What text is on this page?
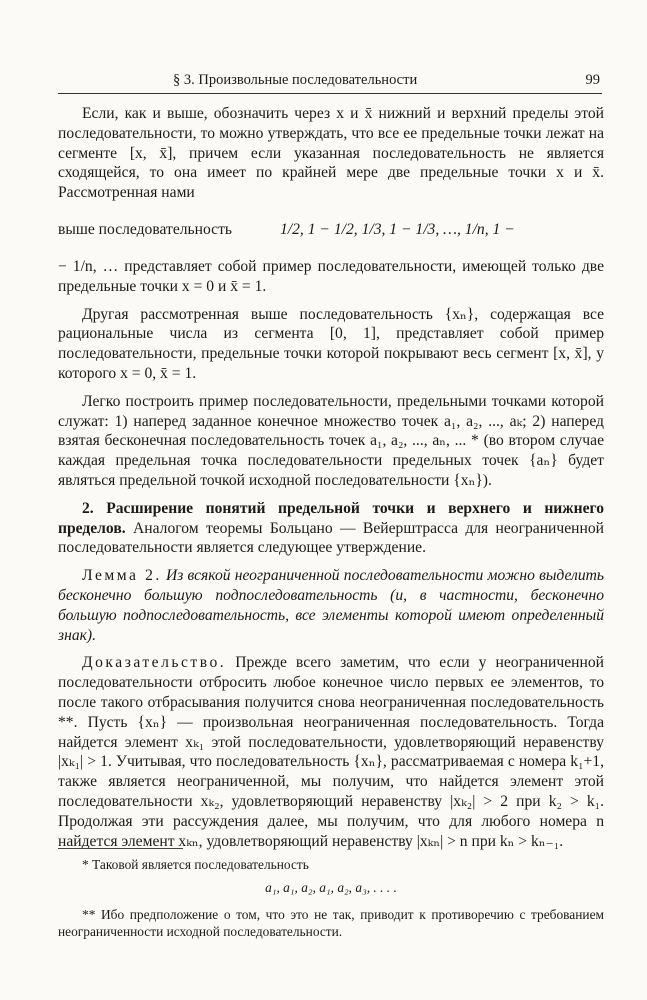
§ 3. Произвольные последовательности	99

Если, как и выше, обозначить через x и x̄ нижний и верхний пределы этой последовательности, то можно утверждать, что все ее предельные точки лежат на сегменте [x, x̄], причем если указанная последовательность не является сходящейся, то она имеет по крайней мере две предельные точки x и x̄. Рассмотренная нами

выше последовательность	1/2, 1 − 1/2, 1/3, 1 − 1/3, …, 1/n, 1 −

− 1/n, … представляет собой пример последовательности, имеющей только две предельные точки x = 0 и x̄ = 1.

Другая рассмотренная выше последовательность {xₙ}, содержащая все рациональные числа из сегмента [0, 1], представляет собой пример последовательности, предельные точки которой покрывают весь сегмент [x, x̄], у которого x = 0, x̄ = 1.

Легко построить пример последовательности, предельными точками которой служат: 1) наперед заданное конечное множество точек a₁, a₂, ..., aₖ; 2) наперед взятая бесконечная последовательность точек a₁, a₂, ..., aₙ, ... * (во втором случае каждая предельная точка последовательности предельных точек {aₙ} будет являться предельной точкой исходной последовательности {xₙ}).

2. Расширение понятий предельной точки и верхнего и нижнего пределов. Аналогом теоремы Больцано — Вейерштрасса для неограниченной последовательности является следующее утверждение.

Лемма 2. Из всякой неограниченной последовательности можно выделить бесконечно большую подпоследовательность (и, в частности, бесконечно большую подпоследовательность, все элементы которой имеют определенный знак).

Доказательство. Прежде всего заметим, что если у неограниченной последовательности отбросить любое конечное число первых ее элементов, то после такого отбрасывания получится снова неограниченная последовательность **. Пусть {xₙ} — произвольная неограниченная последовательность. Тогда найдется элемент xₖ₁ этой последовательности, удовлетворяющий неравенству |xₖ₁| > 1. Учитывая, что последовательность {xₙ}, рассматриваемая с номера k₁+1, также является неограниченной, мы получим, что найдется элемент этой последовательности xₖ₂, удовлетворяющий неравенству |xₖ₂| > 2 при k₂ > k₁. Продолжая эти рассуждения далее, мы получим, что для любого номера n найдется элемент xₖₙ, удовлетворяющий неравенству |xₖₙ| > n при kₙ > kₙ₋₁.

* Таковой является последовательность

a₁, a₁, a₂, a₁, a₂, a₃, . . . .

** Ибо предположение о том, что это не так, приводит к противоречию с требованием неограниченности исходной последовательности.
